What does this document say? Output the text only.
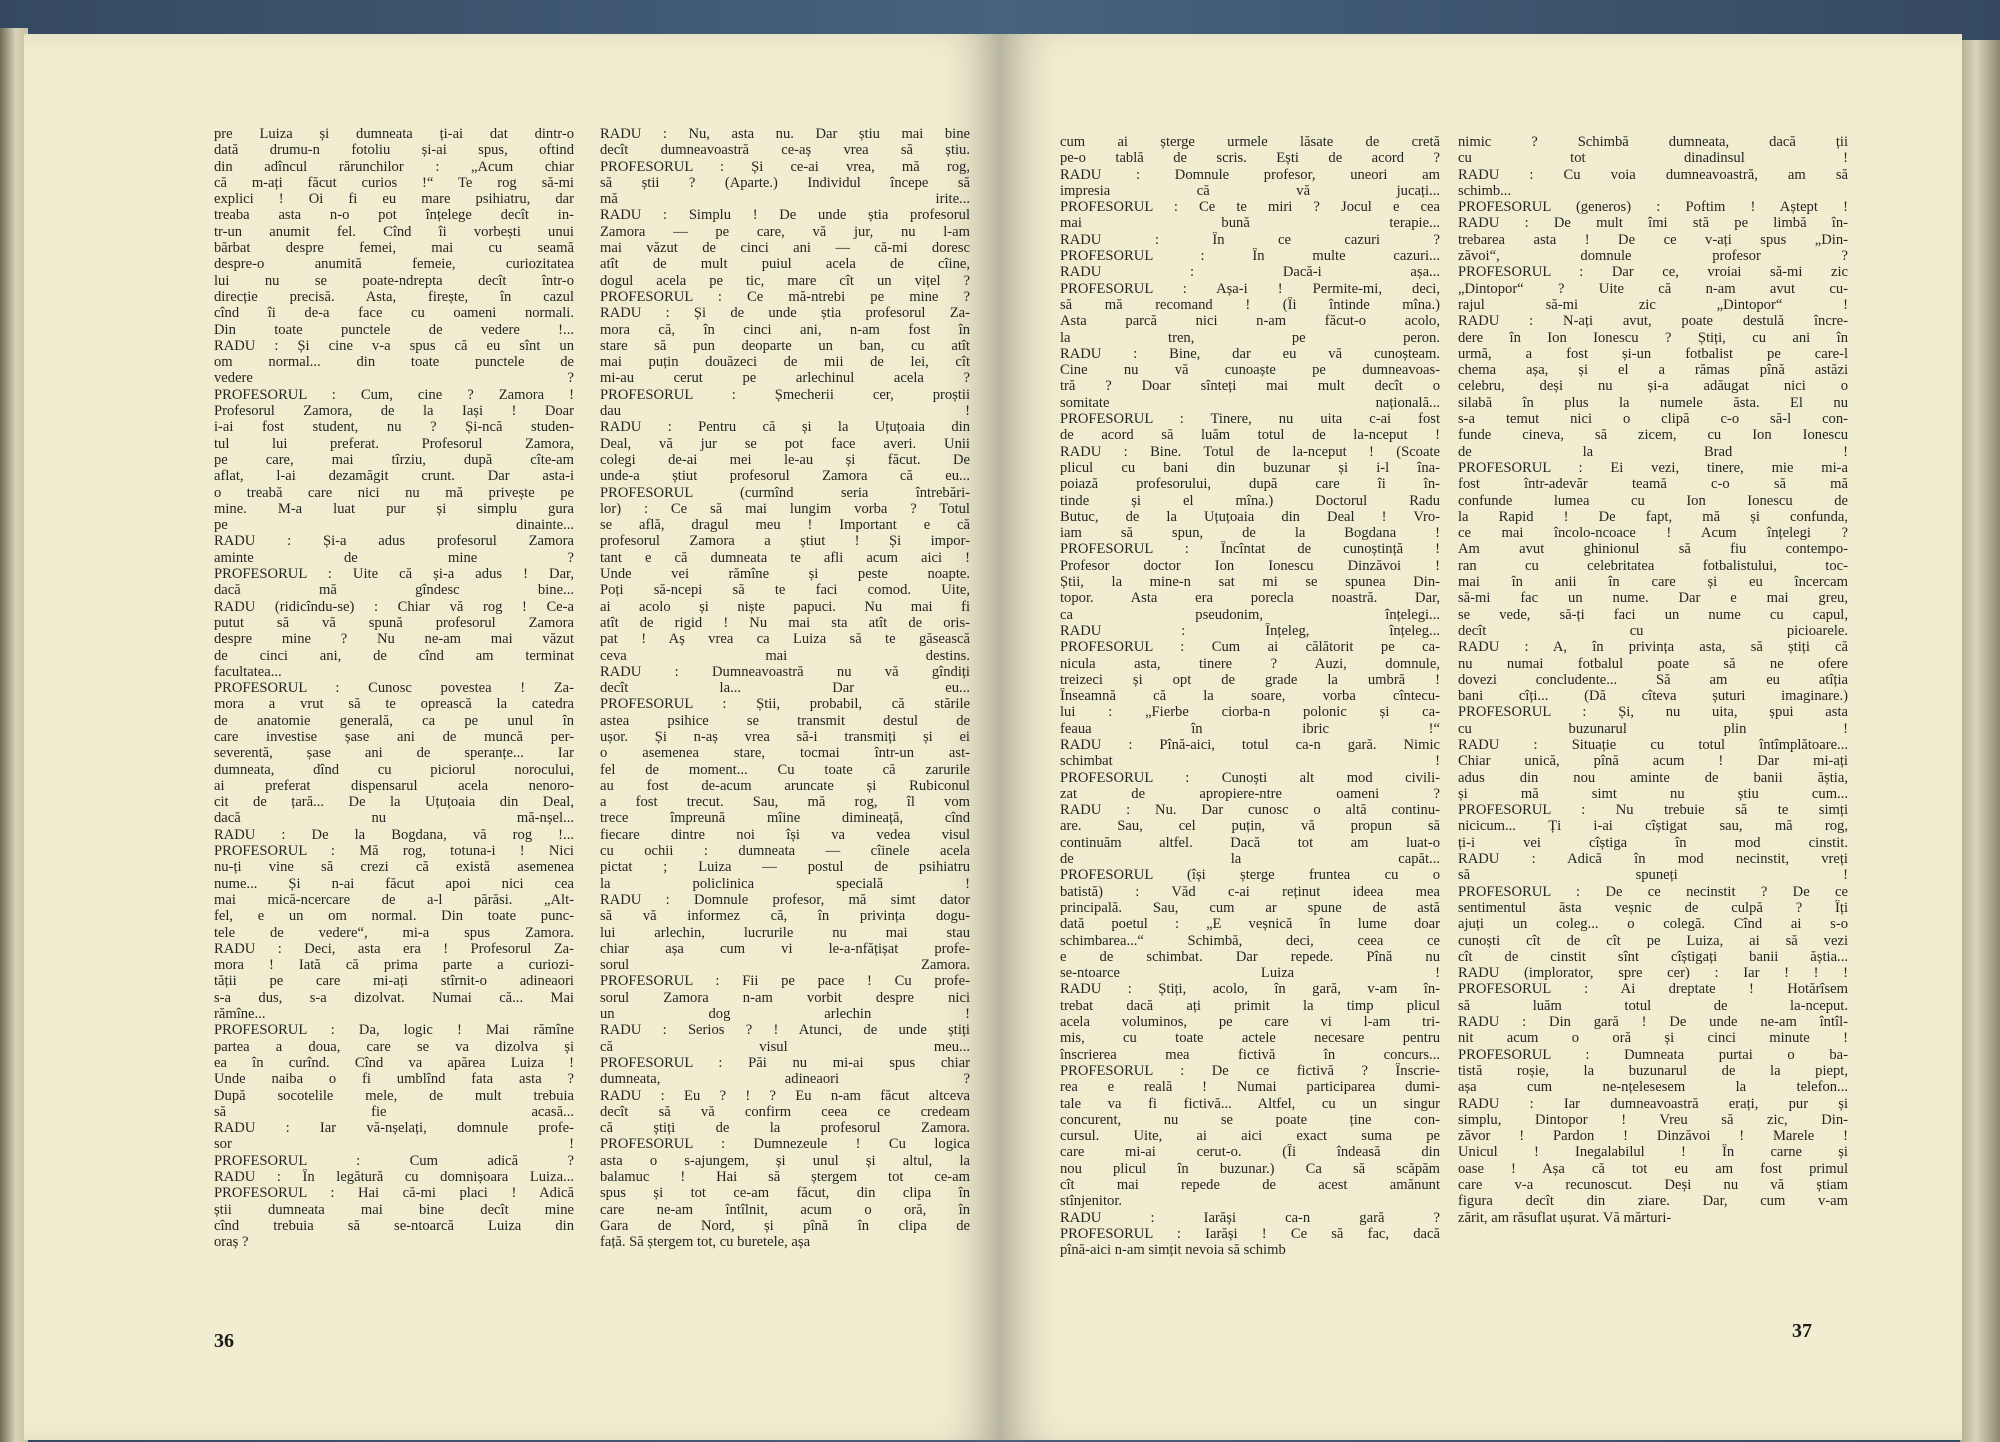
pre Luiza și dumneata ți-ai dat dintr-o
dată drumu-n fotoliu și-ai spus, oftind
din adîncul rărunchilor : „Acum chiar
că m-ați făcut curios !“ Te rog să-mi
explici ! Oi fi eu mare psihiatru, dar
treaba asta n-o pot înțelege decît in-
tr-un anumit fel. Cînd îi vorbești unui
bărbat despre femei, mai cu seamă
despre-o anumită femeie, curiozitatea
lui nu se poate-ndrepta decît într-o
direcție precisă. Asta, firește, în cazul
cînd îi de-a face cu oameni normali.
Din toate punctele de vedere !...
RADU : Și cine v-a spus că eu sînt un
om normal... din toate punctele de
vedere ?
PROFESORUL : Cum, cine ? Zamora !
Profesorul Zamora, de la Iași ! Doar
i-ai fost student, nu ? Și-ncă studen-
tul lui preferat. Profesorul Zamora,
pe care, mai tîrziu, după cîte-am
aflat, l-ai dezamăgit crunt. Dar asta-i
o treabă care nici nu mă privește pe
mine. M-a luat pur și simplu gura
pe dinainte...
RADU : Și-a adus profesorul Zamora
aminte de mine ?
PROFESORUL : Uite că și-a adus ! Dar,
dacă mă gîndesc bine...
RADU (ridicîndu-se) : Chiar vă rog ! Ce-a
putut să vă spună profesorul Zamora
despre mine ? Nu ne-am mai văzut
de cinci ani, de cînd am terminat
facultatea...
PROFESORUL : Cunosc povestea ! Za-
mora a vrut să te oprească la catedra
de anatomie generală, ca pe unul în
care investise șase ani de muncă per-
severentă, șase ani de speranțe... Iar
dumneata, dînd cu piciorul norocului,
ai preferat dispensarul acela nenoro-
cit de țară... De la Uțuțoaia din Deal,
dacă nu mă-nșel...
RADU : De la Bogdana, vă rog !...
PROFESORUL : Mă rog, totuna-i ! Nici
nu-ți vine să crezi că există asemenea
nume... Și n-ai făcut apoi nici cea
mai mică-ncercare de a-l părăsi. „Alt-
fel, e un om normal. Din toate punc-
tele de vedere“, mi-a spus Zamora.
RADU : Deci, asta era ! Profesorul Za-
mora ! Iată că prima parte a curiozi-
tății pe care mi-ați stîrnit-o adineaori
s-a dus, s-a dizolvat. Numai că... Mai
rămîne...
PROFESORUL : Da, logic ! Mai rămîne
partea a doua, care se va dizolva și
ea în curînd. Cînd va apărea Luiza !
Unde naiba o fi umblînd fata asta ?
După socotelile mele, de mult trebuia
să fie acasă...
RADU : Iar vă-nșelați, domnule profe-
sor !
PROFESORUL : Cum adică ?
RADU : În legătură cu domnișoara Luiza...
PROFESORUL : Hai că-mi placi ! Adică
știi dumneata mai bine decît mine
cînd trebuia să se-ntoarcă Luiza din
oraș ?
RADU : Nu, asta nu. Dar știu mai bine
decît dumneavoastră ce-aș vrea să știu.
PROFESORUL : Și ce-ai vrea, mă rog,
să știi ? (Aparte.) Individul începe să
mă irite...
RADU : Simplu ! De unde știa profesorul
Zamora — pe care, vă jur, nu l-am
mai văzut de cinci ani — că-mi doresc
atît de mult puiul acela de cîine,
dogul acela pe tic, mare cît un vițel ?
PROFESORUL : Ce mă-ntrebi pe mine ?
RADU : Și de unde știa profesorul Za-
mora că, în cinci ani, n-am fost în
stare să pun deoparte un ban, cu atît
mai puțin douăzeci de mii de lei, cît
mi-au cerut pe arlechinul acela ?
PROFESORUL : Șmecherii cer, proștii
dau !
RADU : Pentru că și la Uțuțoaia din
Deal, vă jur se pot face averi. Unii
colegi de-ai mei le-au și făcut. De
unde-a știut profesorul Zamora că eu...
PROFESORUL (curmînd seria întrebări-
lor) : Ce să mai lungim vorba ? Totul
se află, dragul meu ! Important e că
profesorul Zamora a știut ! Și impor-
tant e că dumneata te afli acum aici !
Unde vei rămîne și peste noapte.
Poți să-ncepi să te faci comod. Uite,
ai acolo și niște papuci. Nu mai fi
atît de rigid ! Nu mai sta atît de oris-
pat ! Aș vrea ca Luiza să te găsească
ceva mai destins.
RADU : Dumneavoastră nu vă gîndiți
decît la... Dar eu...
PROFESORUL : Știi, probabil, că stările
astea psihice se transmit destul de
ușor. Și n-aș vrea să-i transmiți și ei
o asemenea stare, tocmai într-un ast-
fel de moment... Cu toate că zarurile
au fost de-acum aruncate și Rubiconul
a fost trecut. Sau, mă rog, îl vom
trece împreună mîine dimineață, cînd
fiecare dintre noi își va vedea visul
cu ochii : dumneata — cîinele acela
pictat ; Luiza — postul de psihiatru
la policlinica specială !
RADU : Domnule profesor, mă simt dator
să vă informez că, în privința dogu-
lui arlechin, lucrurile nu mai stau
chiar așa cum vi le-a-nfățișat profe-
sorul Zamora.
PROFESORUL : Fii pe pace ! Cu profe-
sorul Zamora n-am vorbit despre nici
un dog arlechin !
RADU : Serios ? ! Atunci, de unde știți
că visul meu...
PROFESORUL : Păi nu mi-ai spus chiar
dumneata, adineaori ?
RADU : Eu ? ! ? Eu n-am făcut altceva
decît să vă confirm ceea ce credeam
că știți de la profesorul Zamora.
PROFESORUL : Dumnezeule ! Cu logica
asta o s-ajungem, și unul și altul, la
balamuc ! Hai să ștergem tot ce-am
spus și tot ce-am făcut, din clipa în
care ne-am întîlnit, acum o oră, în
Gara de Nord, și pînă în clipa de
față. Să ștergem tot, cu buretele, așa
36
cum ai șterge urmele lăsate de cretă
pe-o tablă de scris. Ești de acord ?
RADU : Domnule profesor, uneori am
impresia că vă jucați...
PROFESORUL : Ce te miri ? Jocul e cea
mai bună terapie...
RADU : În ce cazuri ?
PROFESORUL : În multe cazuri...
RADU : Dacă-i așa...
PROFESORUL : Așa-i ! Permite-mi, deci,
să mă recomand ! (Îi întinde mîna.)
Asta parcă nici n-am făcut-o acolo,
la tren, pe peron.
RADU : Bine, dar eu vă cunoșteam.
Cine nu vă cunoaște pe dumneavoas-
tră ? Doar sînteți mai mult decît o
somitate națională...
PROFESORUL : Tinere, nu uita c-ai fost
de acord să luăm totul de la-nceput !
RADU : Bine. Totul de la-nceput ! (Scoate
plicul cu bani din buzunar și i-l îna-
poiază profesorului, după care îi în-
tinde și el mîna.) Doctorul Radu
Butuc, de la Uțuțoaia din Deal ! Vro-
iam să spun, de la Bogdana !
PROFESORUL : Încîntat de cunoștință !
Profesor doctor Ion Ionescu Dinzăvoi !
Știi, la mine-n sat mi se spunea Din-
topor. Asta era porecla noastră. Dar,
ca pseudonim, înțelegi...
RADU : Înțeleg, înțeleg...
PROFESORUL : Cum ai călătorit pe ca-
nicula asta, tinere ? Auzi, domnule,
treizeci și opt de grade la umbră !
Înseamnă că la soare, vorba cîntecu-
lui : „Fierbe ciorba-n polonic și ca-
feaua în ibric !“
RADU : Pînă-aici, totul ca-n gară. Nimic
schimbat !
PROFESORUL : Cunoști alt mod civili-
zat de apropiere-ntre oameni ?
RADU : Nu. Dar cunosc o altă continu-
are. Sau, cel puțin, vă propun să
continuăm altfel. Dacă tot am luat-o
de la capăt...
PROFESORUL (își șterge fruntea cu o
batistă) : Văd c-ai reținut ideea mea
principală. Sau, cum ar spune de astă
dată poetul : „E veșnică în lume doar
schimbarea...“ Schimbă, deci, ceea ce
e de schimbat. Dar repede. Pînă nu
se-ntoarce Luiza !
RADU : Știți, acolo, în gară, v-am în-
trebat dacă ați primit la timp plicul
acela voluminos, pe care vi l-am tri-
mis, cu toate actele necesare pentru
înscrierea mea fictivă în concurs...
PROFESORUL : De ce fictivă ? Înscrie-
rea e reală ! Numai participarea dumi-
tale va fi fictivă... Altfel, cu un singur
concurent, nu se poate ține con-
cursul. Uite, ai aici exact suma pe
care mi-ai cerut-o. (Îi îndeasă din
nou plicul în buzunar.) Ca să scăpăm
cît mai repede de acest amănunt
stînjenitor.
RADU : Iarăși ca-n gară ?
PROFESORUL : Iarăși ! Ce să fac, dacă
pînă-aici n-am simțit nevoia să schimb
nimic ? Schimbă dumneata, dacă ții
cu tot dinadinsul !
RADU : Cu voia dumneavoastră, am să
schimb...
PROFESORUL (generos) : Poftim ! Aștept !
RADU : De mult îmi stă pe limbă în-
trebarea asta ! De ce v-ați spus „Din-
zăvoi“, domnule profesor ?
PROFESORUL : Dar ce, vroiai să-mi zic
„Dintopor“ ? Uite că n-am avut cu-
rajul să-mi zic „Dintopor“ !
RADU : N-ați avut, poate destulă încre-
dere în Ion Ionescu ? Știți, cu ani în
urmă, a fost și-un fotbalist pe care-l
chema așa, și el a rămas pînă astăzi
celebru, deși nu și-a adăugat nici o
silabă în plus la numele ăsta. El nu
s-a temut nici o clipă c-o să-l con-
funde cineva, să zicem, cu Ion Ionescu
de la Brad !
PROFESORUL : Ei vezi, tinere, mie mi-a
fost într-adevăr teamă c-o să mă
confunde lumea cu Ion Ionescu de
la Rapid ! De fapt, mă și confunda,
ce mai încolo-ncoace ! Acum înțelegi ?
Am avut ghinionul să fiu contempo-
ran cu celebritatea fotbalistului, toc-
mai în anii în care și eu încercam
să-mi fac un nume. Dar e mai greu,
se vede, să-ți faci un nume cu capul,
decît cu picioarele.
RADU : A, în privința asta, să știți că
nu numai fotbalul poate să ne ofere
dovezi concludente... Să am eu atîția
bani cîți... (Dă cîteva șuturi imaginare.)
PROFESORUL : Și, nu uita, șpui asta
cu buzunarul plin !
RADU : Situație cu totul întîmplătoare...
Chiar unică, pînă acum ! Dar mi-ați
adus din nou aminte de banii ăștia,
și mă simt nu știu cum...
PROFESORUL : Nu trebuie să te simți
nicicum... Ți i-ai cîștigat sau, mă rog,
ți-i vei cîștiga în mod cinstit.
RADU : Adică în mod necinstit, vreți
să spuneți !
PROFESORUL : De ce necinstit ? De ce
sentimentul ăsta veșnic de culpă ? Îți
ajuți un coleg... o colegă. Cînd ai s-o
cunoști cît de cît pe Luiza, ai să vezi
cît de cinstit sînt cîștigați banii ăștia...
RADU (implorator, spre cer) : Iar ! ! !
PROFESORUL : Ai dreptate ! Hotărîsem
să luăm totul de la-nceput.
RADU : Din gară ! De unde ne-am întîl-
nit acum o oră și cinci minute !
PROFESORUL : Dumneata purtai o ba-
tistă roșie, la buzunarul de la piept,
așa cum ne-nțelesesem la telefon...
RADU : Iar dumneavoastră erați, pur și
simplu, Dintopor ! Vreu să zic, Din-
zăvor ! Pardon ! Dinzăvoi ! Marele !
Unicul ! Inegalabilul ! În carne și
oase ! Așa că tot eu am fost primul
care v-a recunoscut. Deși nu vă știam
figura decît din ziare. Dar, cum v-am
zărit, am răsuflat ușurat. Vă mărturi-
37
